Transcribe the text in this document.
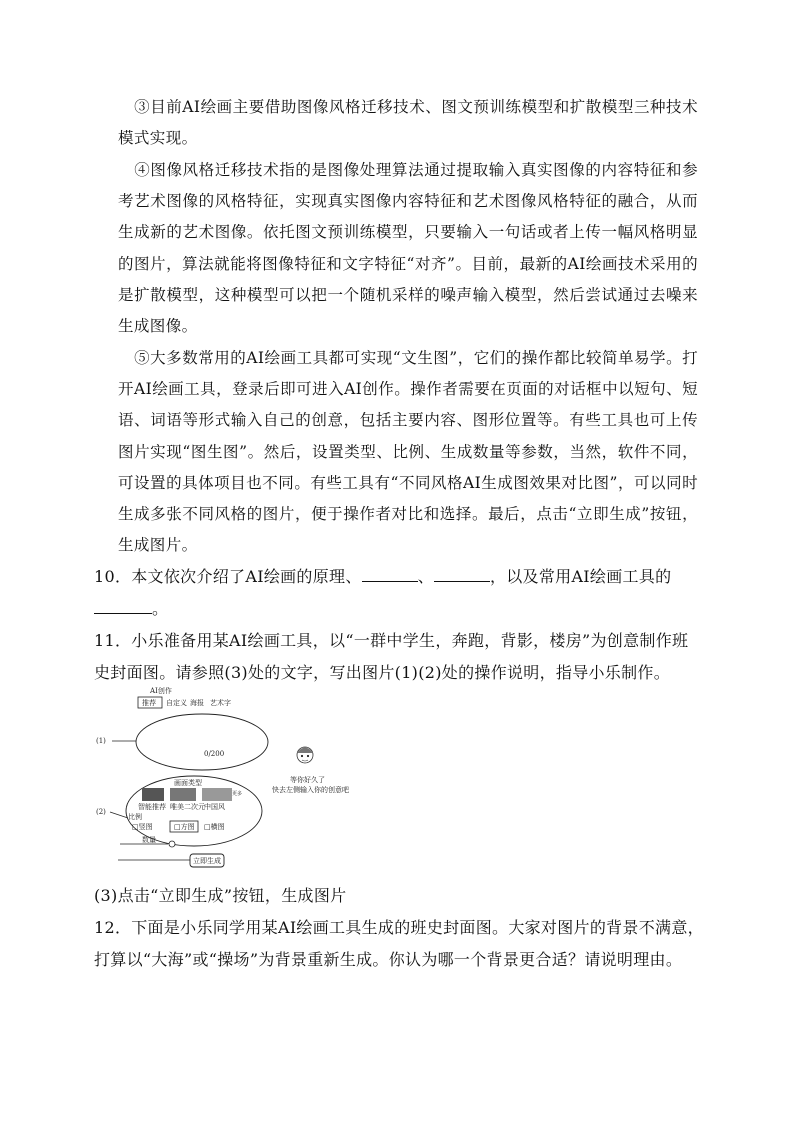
③目前AI绘画主要借助图像风格迁移技术、图文预训练模型和扩散模型三种技术模式实现。
④图像风格迁移技术指的是图像处理算法通过提取输入真实图像的内容特征和参考艺术图像的风格特征，实现真实图像内容特征和艺术图像风格特征的融合，从而生成新的艺术图像。依托图文预训练模型，只要输入一句话或者上传一幅风格明显的图片，算法就能将图像特征和文字特征“对齐”。目前，最新的AI绘画技术采用的是扩散模型，这种模型可以把一个随机采样的噪声输入模型，然后尝试通过去噪来生成图像。
⑤大多数常用的AI绘画工具都可实现“文生图”，它们的操作都比较简单易学。打开AI绘画工具，登录后即可进入AI创作。操作者需要在页面的对话框中以短句、短语、词语等形式输入自己的创意，包括主要内容、图形位置等。有些工具也可上传图片实现“图生图”。然后，设置类型、比例、生成数量等参数，当然，软件不同，可设置的具体项目也不同。有些工具有“不同风格AI生成图效果对比图”，可以同时生成多张不同风格的图片，便于操作者对比和选择。最后，点击“立即生成”按钮，生成图片。
10．本文依次介绍了AI绘画的原理、	、	，以及常用AI绘画工具的。
11．小乐准备用某AI绘画工具，以“一群中学生，奔跑，背影，楼房”为创意制作班史封面图。请参照(3)处的文字，写出图片(1)(2)处的操作说明，指导小乐制作。
AI创作
推荐 自定义 海报 艺术字
0/200
(1)
画面类型
更多
智能推荐 唯美二次元 中国风
(2)
比例
□竖图	□方图 □横图
数量
立即生成
等你好久了
快去左侧输入你的创意吧
(3)点击“立即生成”按钮，生成图片
12．下面是小乐同学用某AI绘画工具生成的班史封面图。大家对图片的背景不满意，打算以“大海”或“操场”为背景重新生成。你认为哪一个背景更合适？请说明理由。
